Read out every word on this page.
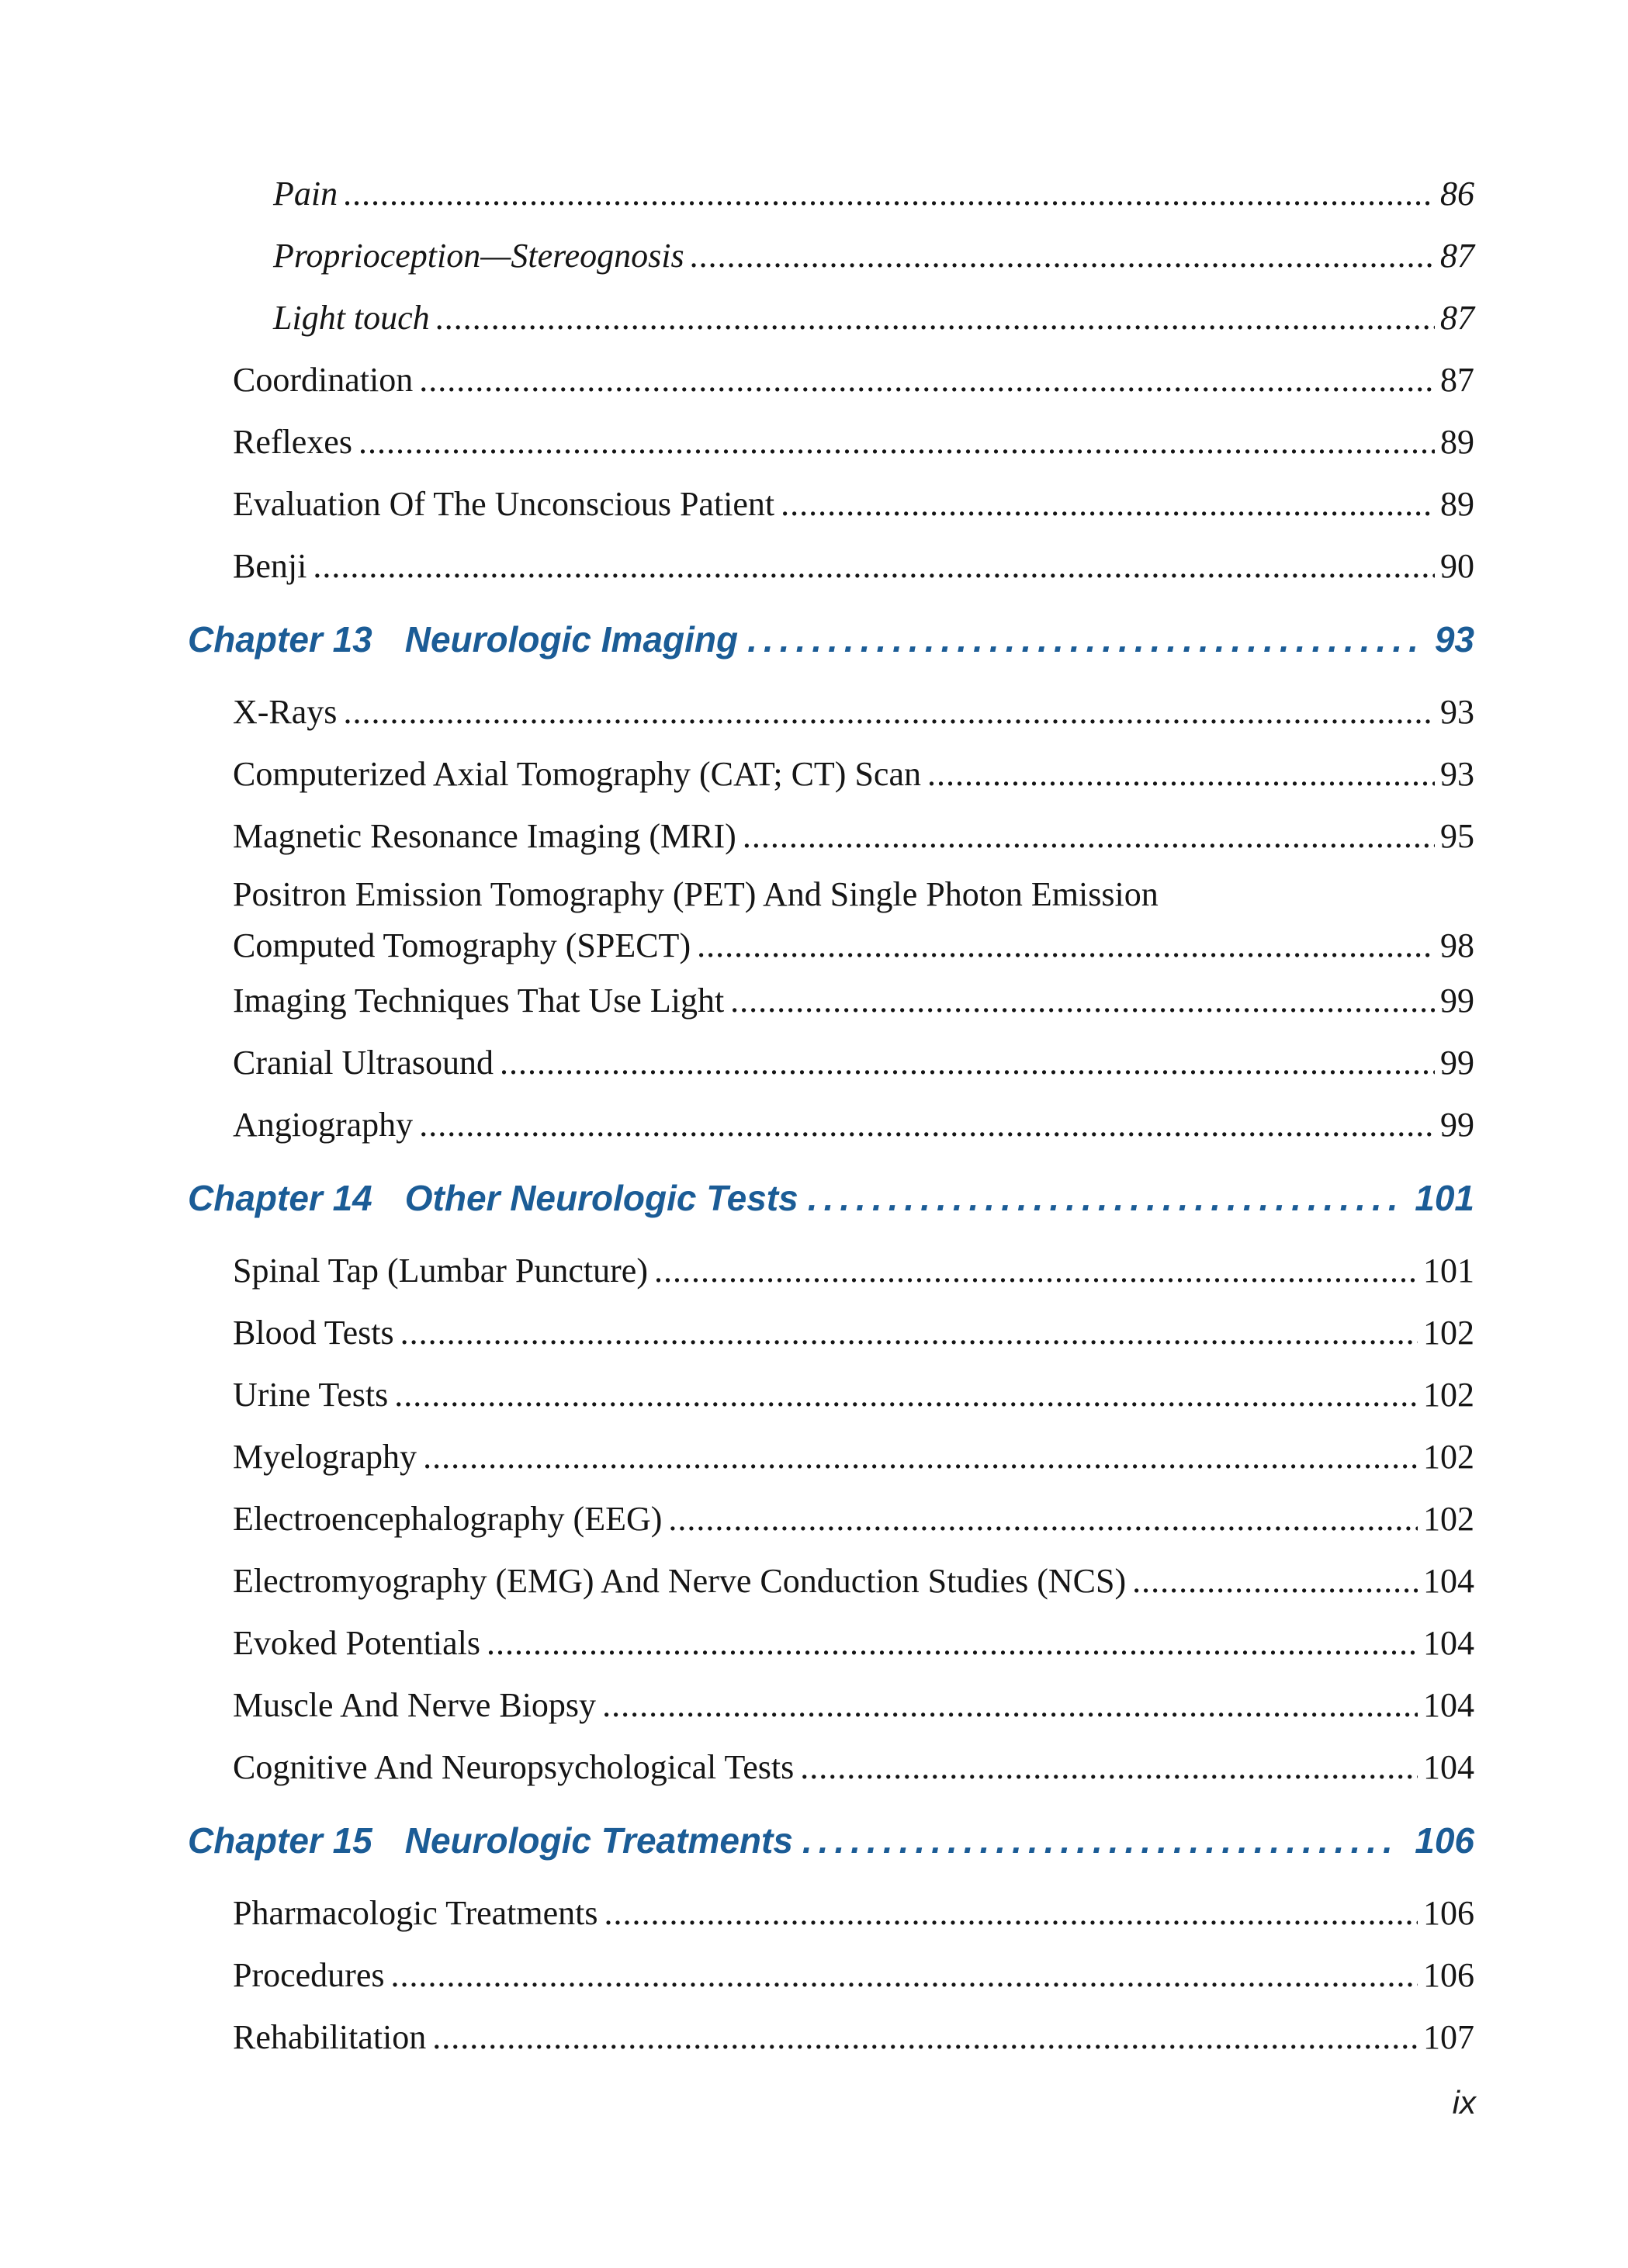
Pain .....	86
Proprioception—Stereognosis .....	87
Light touch .....	87
Coordination .....	87
Reflexes .....	89
Evaluation Of The Unconscious Patient .....	89
Benji .....	90
Chapter 13 Neurologic Imaging .....	93
X-Rays .....	93
Computerized Axial Tomography (CAT; CT) Scan .....	93
Magnetic Resonance Imaging (MRI) .....	95
Positron Emission Tomography (PET) And Single Photon Emission
Computed Tomography (SPECT) .....	98
Imaging Techniques That Use Light .....	99
Cranial Ultrasound .....	99
Angiography .....	99
Chapter 14 Other Neurologic Tests .....	101
Spinal Tap (Lumbar Puncture) .....	101
Blood Tests .....	102
Urine Tests .....	102
Myelography .....	102
Electroencephalography (EEG) .....	102
Electromyography (EMG) And Nerve Conduction Studies (NCS) .....	104
Evoked Potentials .....	104
Muscle And Nerve Biopsy .....	104
Cognitive And Neuropsychological Tests .....	104
Chapter 15 Neurologic Treatments .....	106
Pharmacologic Treatments .....	106
Procedures .....	106
Rehabilitation .....	107
ix
